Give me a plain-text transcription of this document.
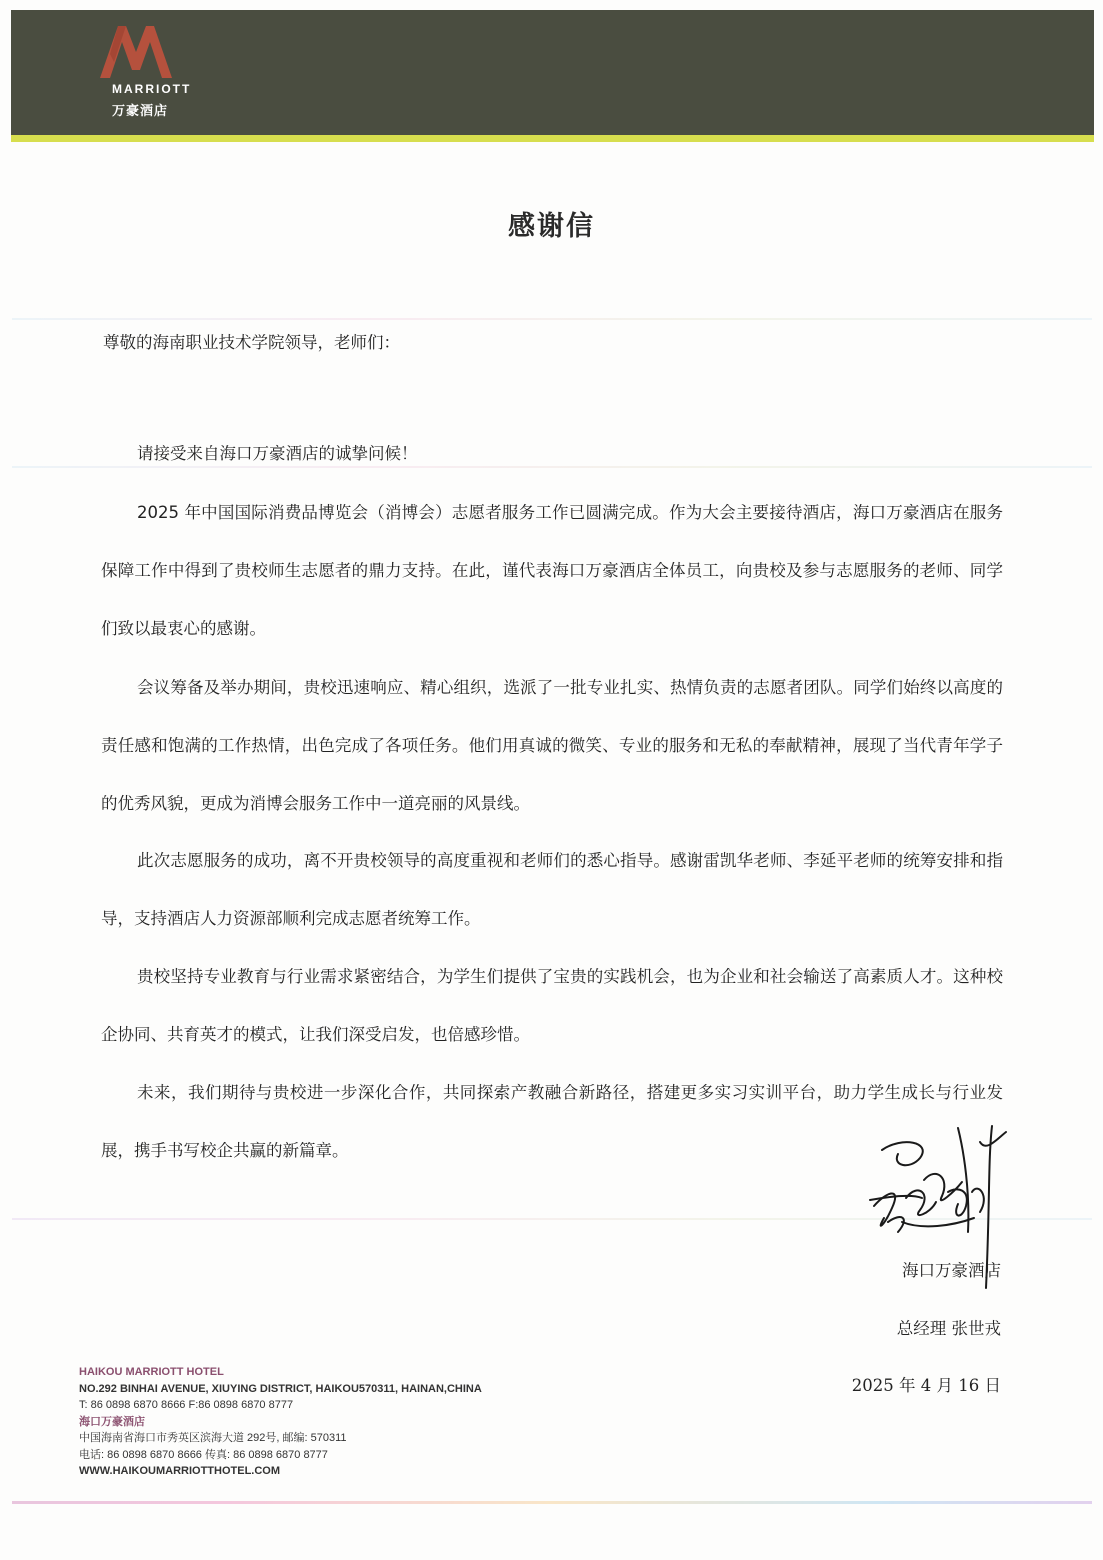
MARRIOTT
万豪酒店
感谢信
尊敬的海南职业技术学院领导，老师们：
请接受来自海口万豪酒店的诚挚问候！
2025 年中国国际消费品博览会（消博会）志愿者服务工作已圆满完成。作为大会主要接待酒店，海口万豪酒店在服务保障工作中得到了贵校师生志愿者的鼎力支持。在此，谨代表海口万豪酒店全体员工，向贵校及参与志愿服务的老师、同学们致以最衷心的感谢。
会议筹备及举办期间，贵校迅速响应、精心组织，选派了一批专业扎实、热情负责的志愿者团队。同学们始终以高度的责任感和饱满的工作热情，出色完成了各项任务。他们用真诚的微笑、专业的服务和无私的奉献精神，展现了当代青年学子的优秀风貌，更成为消博会服务工作中一道亮丽的风景线。
此次志愿服务的成功，离不开贵校领导的高度重视和老师们的悉心指导。感谢雷凯华老师、李延平老师的统筹安排和指导，支持酒店人力资源部顺利完成志愿者统筹工作。
贵校坚持专业教育与行业需求紧密结合，为学生们提供了宝贵的实践机会，也为企业和社会输送了高素质人才。这种校企协同、共育英才的模式，让我们深受启发，也倍感珍惜。
未来，我们期待与贵校进一步深化合作，共同探索产教融合新路径，搭建更多实习实训平台，助力学生成长与行业发展，携手书写校企共赢的新篇章。
海口万豪酒店
总经理 张世戎
2025 年 4 月 16 日
HAIKOU MARRIOTT HOTEL
NO.292 BINHAI AVENUE, XIUYING DISTRICT, HAIKOU570311, HAINAN,CHINA
T: 86 0898 6870 8666 F:86 0898 6870 8777
海口万豪酒店
中国海南省海口市秀英区滨海大道 292号, 邮编: 570311
电话: 86 0898 6870 8666 传真: 86 0898 6870 8777
WWW.HAIKOUMARRIOTTHOTEL.COM
